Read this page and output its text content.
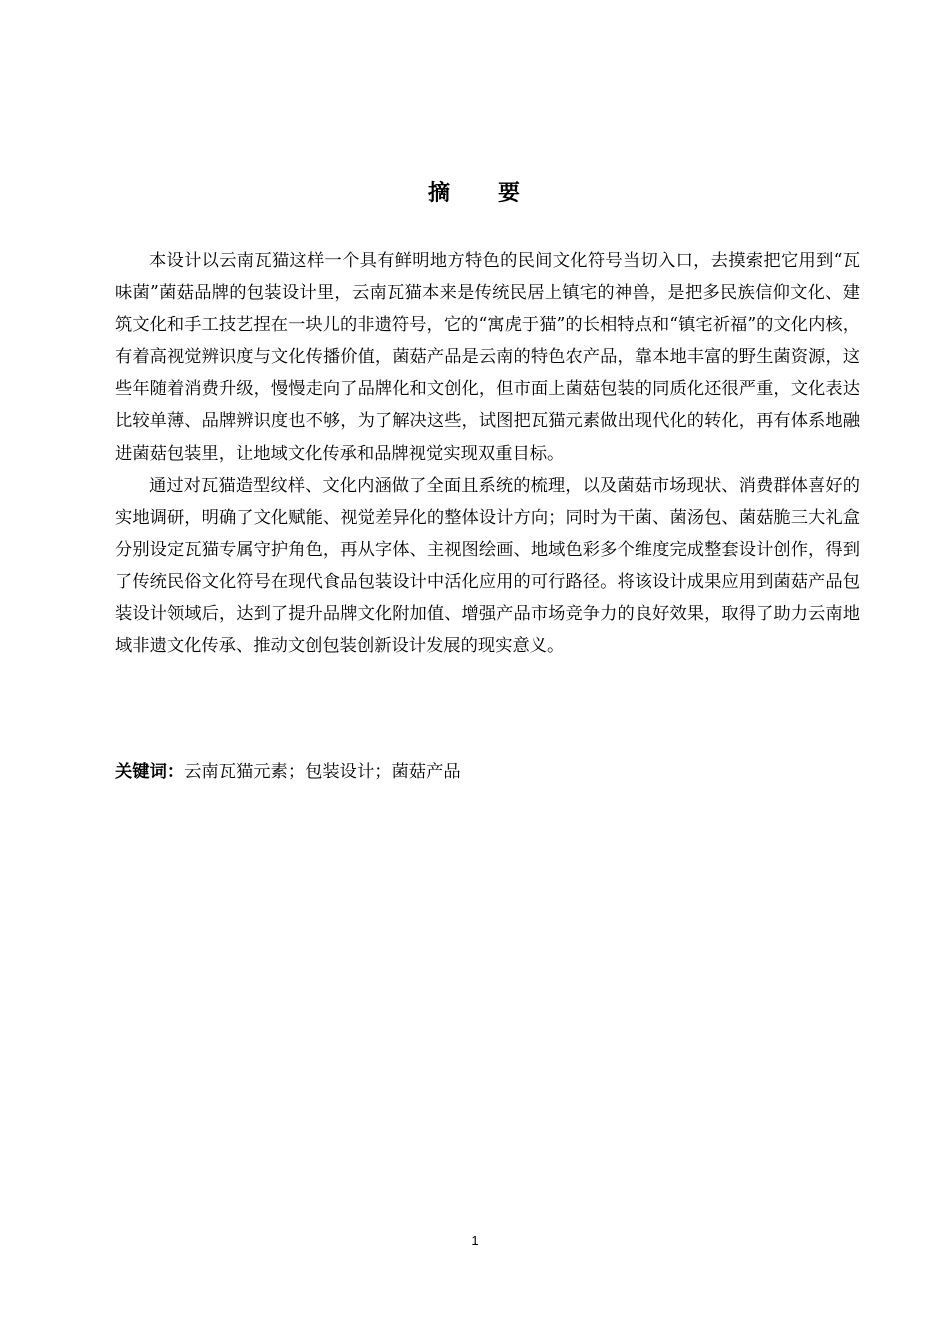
摘 要

本设计以云南瓦猫这样一个具有鲜明地方特色的民间文化符号当切入口，去摸索把它用到“瓦味菌”菌菇品牌的包装设计里，云南瓦猫本来是传统民居上镇宅的神兽，是把多民族信仰文化、建筑文化和手工技艺捏在一块儿的非遗符号，它的“寓虎于猫”的长相特点和“镇宅祈福”的文化内核，有着高视觉辨识度与文化传播价值，菌菇产品是云南的特色农产品，靠本地丰富的野生菌资源，这些年随着消费升级，慢慢走向了品牌化和文创化，但市面上菌菇包装的同质化还很严重，文化表达比较单薄、品牌辨识度也不够，为了解决这些，试图把瓦猫元素做出现代化的转化，再有体系地融进菌菇包装里，让地域文化传承和品牌视觉实现双重目标。

通过对瓦猫造型纹样、文化内涵做了全面且系统的梳理，以及菌菇市场现状、消费群体喜好的实地调研，明确了文化赋能、视觉差异化的整体设计方向；同时为干菌、菌汤包、菌菇脆三大礼盒分别设定瓦猫专属守护角色，再从字体、主视图绘画、地域色彩多个维度完成整套设计创作，得到了传统民俗文化符号在现代食品包装设计中活化应用的可行路径。将该设计成果应用到菌菇产品包装设计领域后，达到了提升品牌文化附加值、增强产品市场竞争力的良好效果，取得了助力云南地域非遗文化传承、推动文创包装创新设计发展的现实意义。

关键词：云南瓦猫元素；包装设计；菌菇产品
1
